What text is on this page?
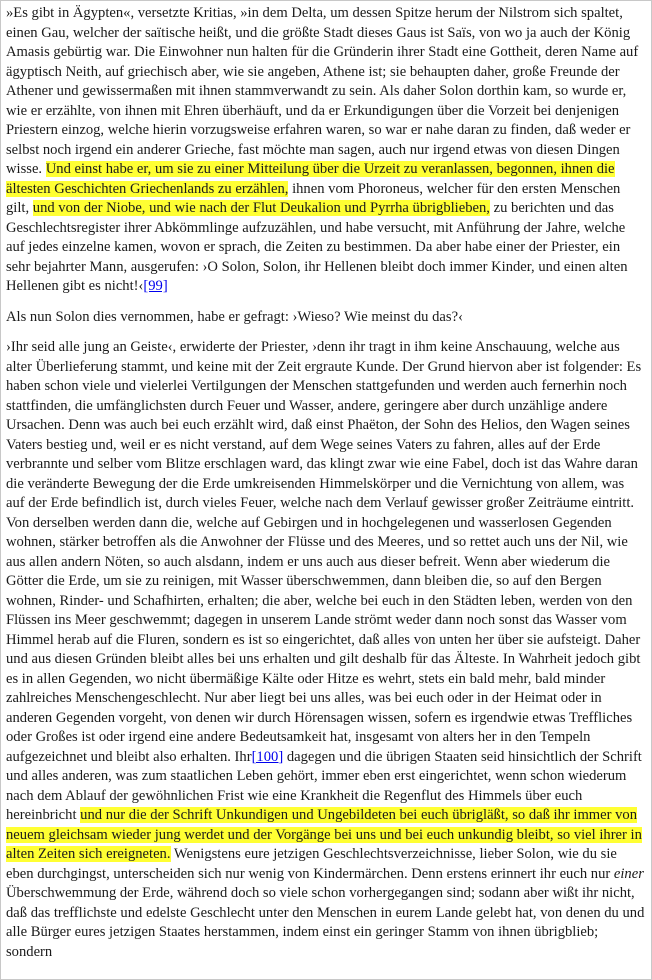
»Es gibt in Ägypten«, versetzte Kritias, »in dem Delta, um dessen Spitze herum der Nilstrom sich spaltet, einen Gau, welcher der saïtische heißt, und die größte Stadt dieses Gaus ist Saïs, von wo ja auch der König Amasis gebürtig war. Die Einwohner nun halten für die Gründerin ihrer Stadt eine Gottheit, deren Name auf ägyptisch Neith, auf griechisch aber, wie sie angeben, Athene ist; sie behaupten daher, große Freunde der Athener und gewissermaßen mit ihnen stammverwandt zu sein. Als daher Solon dorthin kam, so wurde er, wie er erzählte, von ihnen mit Ehren überhäuft, und da er Erkundigungen über die Vorzeit bei denjenigen Priestern einzog, welche hierin vorzugsweise erfahren waren, so war er nahe daran zu finden, daß weder er selbst noch irgend ein anderer Grieche, fast möchte man sagen, auch nur irgend etwas von diesen Dingen wisse. Und einst habe er, um sie zu einer Mitteilung über die Urzeit zu veranlassen, begonnen, ihnen die ältesten Geschichten Griechenlands zu erzählen, ihnen vom Phoroneus, welcher für den ersten Menschen gilt, und von der Niobe, und wie nach der Flut Deukalion und Pyrrha übrigblieben, zu berichten und das Geschlechtsregister ihrer Abkömmlinge aufzuzählen, und habe versucht, mit Anführung der Jahre, welche auf jedes einzelne kamen, wovon er sprach, die Zeiten zu bestimmen. Da aber habe einer der Priester, ein sehr bejahrter Mann, ausgerufen: ›O Solon, Solon, ihr Hellenen bleibt doch immer Kinder, und einen alten Hellenen gibt es nicht!‹[99]

Als nun Solon dies vernommen, habe er gefragt: ›Wieso? Wie meinst du das?‹

›Ihr seid alle jung an Geiste‹, erwiderte der Priester, ›denn ihr tragt in ihm keine Anschauung, welche aus alter Überlieferung stammt, und keine mit der Zeit ergraute Kunde. Der Grund hiervon aber ist folgender: Es haben schon viele und vielerlei Vertilgungen der Menschen stattgefunden und werden auch fernerhin noch stattfinden, die umfänglichsten durch Feuer und Wasser, andere, geringere aber durch unzählige andere Ursachen. Denn was auch bei euch erzählt wird, daß einst Phaëton, der Sohn des Helios, den Wagen seines Vaters bestieg und, weil er es nicht verstand, auf dem Wege seines Vaters zu fahren, alles auf der Erde verbrannte und selber vom Blitze erschlagen ward, das klingt zwar wie eine Fabel, doch ist das Wahre daran die veränderte Bewegung der die Erde umkreisenden Himmelskörper und die Vernichtung von allem, was auf der Erde befindlich ist, durch vieles Feuer, welche nach dem Verlauf gewisser großer Zeiträume eintritt. Von derselben werden dann die, welche auf Gebirgen und in hochgelegenen und wasserlosen Gegenden wohnen, stärker betroffen als die Anwohner der Flüsse und des Meeres, und so rettet auch uns der Nil, wie aus allen andern Nöten, so auch alsdann, indem er uns auch aus dieser befreit. Wenn aber wiederum die Götter die Erde, um sie zu reinigen, mit Wasser überschwemmen, dann bleiben die, so auf den Bergen wohnen, Rinder- und Schafhirten, erhalten; die aber, welche bei euch in den Städten leben, werden von den Flüssen ins Meer geschwemmt; dagegen in unserem Lande strömt weder dann noch sonst das Wasser vom Himmel herab auf die Fluren, sondern es ist so eingerichtet, daß alles von unten her über sie aufsteigt. Daher und aus diesen Gründen bleibt alles bei uns erhalten und gilt deshalb für das Älteste. In Wahrheit jedoch gibt es in allen Gegenden, wo nicht übermäßige Kälte oder Hitze es wehrt, stets ein bald mehr, bald minder zahlreiches Menschengeschlecht. Nur aber liegt bei uns alles, was bei euch oder in der Heimat oder in anderen Gegenden vorgeht, von denen wir durch Hörensagen wissen, sofern es irgendwie etwas Treffliches oder Großes ist oder irgend eine andere Bedeutsamkeit hat, insgesamt von alters her in den Tempeln aufgezeichnet und bleibt also erhalten. Ihr[100] dagegen und die übrigen Staaten seid hinsichtlich der Schrift und alles anderen, was zum staatlichen Leben gehört, immer eben erst eingerichtet, wenn schon wiederum nach dem Ablauf der gewöhnlichen Frist wie eine Krankheit die Regenflut des Himmels über euch hereinbricht und nur die der Schrift Unkundigen und Ungebildeten bei euch übrigläßt, so daß ihr immer von neuem gleichsam wieder jung werdet und der Vorgänge bei uns und bei euch unkundig bleibt, so viel ihrer in alten Zeiten sich ereigneten. Wenigstens eure jetzigen Geschlechtsverzeichnisse, lieber Solon, wie du sie eben durchgingst, unterscheiden sich nur wenig von Kindermärchen. Denn erstens erinnert ihr euch nur einer Überschwemmung der Erde, während doch so viele schon vorhergegangen sind; sodann aber wißt ihr nicht, daß das trefflichste und edelste Geschlecht unter den Menschen in eurem Lande gelebt hat, von denen du und alle Bürger eures jetzigen Staates herstammen, indem einst ein geringer Stamm von ihnen übrigblieb; sondern
